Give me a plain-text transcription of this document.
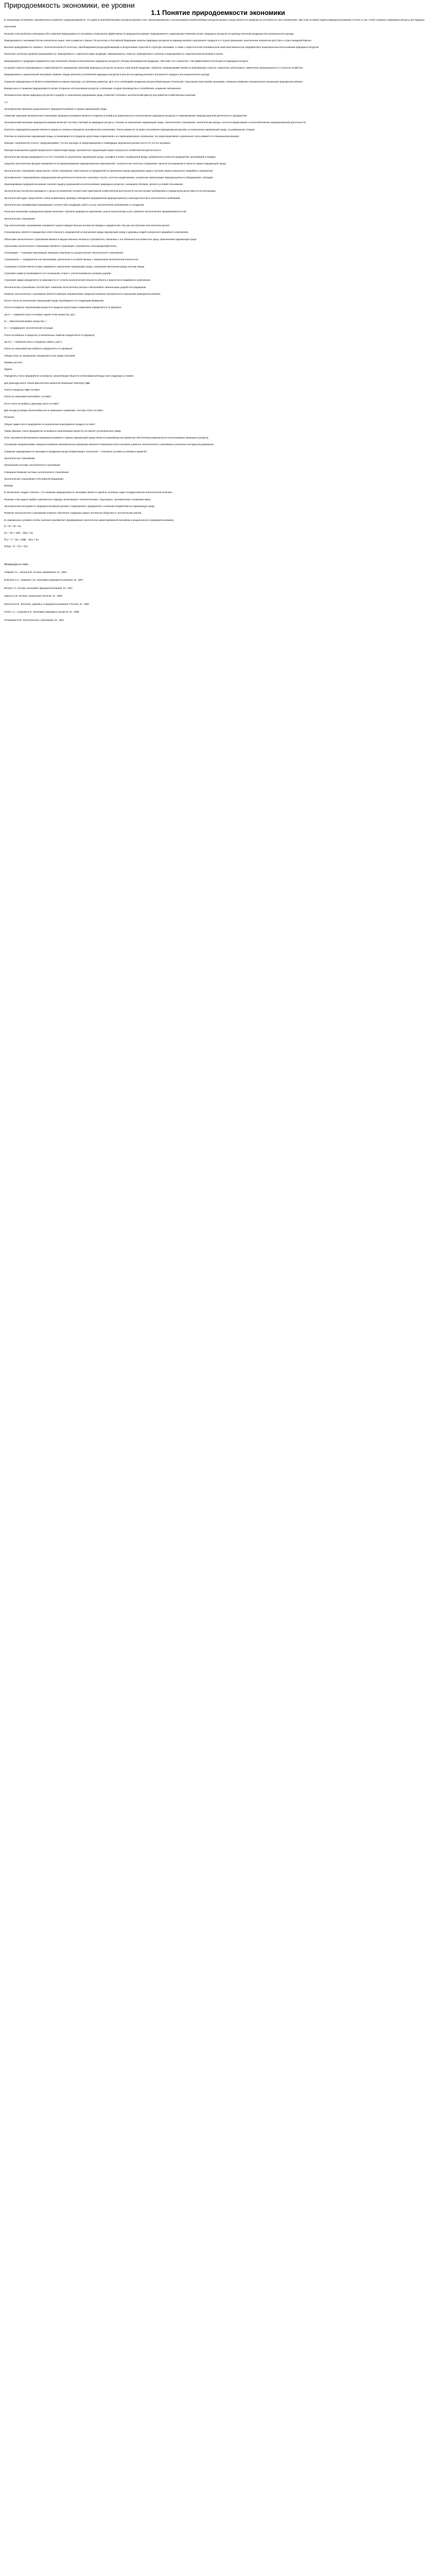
Природоемкость экономики, ее уровни
1.1 Понятие природоемкости экономики

В «Концепции устойчивого экономического развития» предусматривается, что добыча невозобновляемых ресурсов должна стать сбалансированной, а использование возобновляемых ресурсов должно осуществляться в пределах их способности к восстановлению. При этом основная задача природопользования состоит в том, чтобы сохранить природные ресурсы для будущих поколений.

Решение этой проблемы невозможно без снижения природоемкости экономики и повышения эффективности природопользования. Природоемкость характеризует величину затрат природных ресурсов на единицу конечной продукции или национального дохода.

Природоемкость экономики России значительно выше, чем в развитых странах. По расчетам, в Российской Федерации затраты природных ресурсов на единицу валового внутреннего продукта в 2–3 раза превышают аналогичные показатели для США и стран Западной Европы.

Высокая природоемкость связана с технологической отсталостью, преобладанием ресурсодобывающих и ресурсоемких отраслей в структуре экономики, а также с недостаточной экономической заинтересованностью предприятий в рациональном использовании природных ресурсов.

Различают несколько уровней природоемкости: природоемкость отдельного вида продукции, природоемкость отрасли, природоемкость региона и природоемкость национальной экономики в целом.

Природоемкость продукции определяется как отношение объема использованных природных ресурсов к объему произведенной продукции. Чем ниже этот показатель, тем эффективнее используются природные ресурсы.

На уровне отрасли природоемкость характеризуется суммарными затратами природных ресурсов на выпуск отраслевой продукции. Наиболее природоемкими являются добывающие отрасли, энергетика, металлургия, химическая промышленность и сельское хозяйство.

Природоемкость национальной экономики отражает общую величину потребления природных ресурсов в расчете на единицу валового внутреннего продукта или национального дохода.

Снижение природоемкости является важнейшим условием перехода к устойчивому развитию. Для этого необходимо внедрение ресурсосберегающих технологий, структурная перестройка экономики, совершенствование экономического механизма природопользования.

Важную роль в снижении природоемкости играет вторичное использование ресурсов, утилизация отходов производства и потребления, рециклинг материалов.

Экономическая оценка природных ресурсов и ущерба от загрязнения окружающей среды позволяет учитывать экологический фактор при принятии хозяйственных решений.

1.2

Экономические принципы рационального природопользования и охраны окружающей среды

Главными задачами экономического механизма природопользования являются создание условий для рационального использования природных ресурсов и стимулирование природоохранной деятельности предприятий.

Экономический механизм природопользования включает систему платежей за природные ресурсы, платежи за загрязнение окружающей среды, экологическое страхование, экологические фонды, льготное кредитование и налогообложение природоохранной деятельности.

Платность природопользования является одним из основных принципов экономического механизма. Плата взимается за право пользования природными ресурсами, за загрязнение окружающей среды, за размещение отходов.

Платежи за загрязнение окружающей среды устанавливаются в пределах допустимых нормативов и за сверхнормативное загрязнение. За сверхнормативное загрязнение плата взимается в повышенном размере.

Принцип «загрязнитель платит» предусматривает, что все расходы по предотвращению и ликвидации загрязнения должен нести тот, кто его вызывает.

Принцип возмещения ущерба предполагает компенсацию вреда, причиненного окружающей среде в результате хозяйственной деятельности.

Экологические фонды формируются за счет платежей за загрязнение окружающей среды, штрафов и исков о возмещении вреда, добровольных взносов предприятий, организаций и граждан.

Средства экологических фондов направляются на финансирование природоохранных мероприятий, строительство очистных сооружений, научные исследования в области охраны окружающей среды.

Экологическое страхование представляет собой страхование ответственности предприятий за причинение вреда окружающей среде и третьим лицам в результате аварийного загрязнения.

Экономическое стимулирование природоохранной деятельности включает налоговые льготы, льготное кредитование, ускоренную амортизацию природоохранного оборудования, субсидии.

Лицензирование природопользования означает выдачу разрешений на использование природных ресурсов с указанием объемов, сроков и условий пользования.

Экологическая экспертиза проводится с целью установления соответствия намечаемой хозяйственной деятельности экологическим требованиям и определения допустимости ее реализации.

Экологический аудит представляет собой независимую проверку соблюдения предприятием природоохранного законодательства и экологических требований.

Экологическая сертификация подтверждает соответствие продукции, работ и услуг экологическим требованиям и стандартам.

Рыночные механизмы природопользования включают торговлю правами на загрязнение, рынок экологических услуг, развитие экологического предпринимательства.

Экологическое страхование

Под экологическим страхованием понимается защита имущественных интересов граждан и юридических лиц при наступлении экологических рисков.

Страхованием, является гражданская ответственность предприятий за причинение вреда окружающей среде и здоровью людей в результате аварийного загрязнения.

Объектами экологического страхования являются имущественные интересы страхователя, связанные с его обязанностью возместить вред, причиненный окружающей среде.

Субъектами экологического страхования являются страховщик, страхователь и выгодоприобретатель.

Страховщик — страховая организация, имеющая лицензию на осуществление экологического страхования.

Страхователь — предприятие или организация, деятельность которой связана с повышенной экологической опасностью.

Страховым случаем является факт аварийного загрязнения окружающей среды, повлекший причинение вреда третьим лицам.

Страховая сумма устанавливается по соглашению сторон с учетом возможного размера ущерба.

Страховой тариф определяется в зависимости от степени экологической опасности объекта и вероятности аварийного загрязнения.

Экологическое страхование способствует снижению экологических рисков и обеспечивает компенсацию ущерба пострадавшим.

Развитие экологического страхования является важным направлением совершенствования экономического механизма природопользования.

Расчет платы за загрязнение окружающей среды производится по следующим формулам.

Плата за выбросы загрязняющих веществ в пределах допустимых нормативов определяется по формуле:

где Н — норматив платы за выброс одной тонны вещества, руб.;

М — фактический выброс вещества, т;

Кэ — коэффициент экологической ситуации.

Плата за выбросы в пределах установленных лимитов определяется по формуле:

где Нл — норматив платы в пределах лимита, руб./т.

Плата за сверхлимитные выбросы определяется по формуле:

Общая плата за загрязнение определяется как сумма платежей:

Пример расчета:

Задача

Определить плату предприятия за выбросы загрязняющих веществ в атмосферный воздух при следующих условиях.

Для диоксида азота: объем фактических выбросов превышает величину ПДВ.

Плата в пределах ПДВ составит:

Плата за сверхлимитный выброс составит:

Итого плата за выбросы диоксида азота составит:

Для оксида углерода объем выбросов не превышает нормативы, поэтому плата составит:

Решение

Общая сумма платы предприятия за загрязнение атмосферного воздуха составит:

Таким образом, плата предприятия за выбросы загрязняющих веществ составляет установленную сумму.

Итак, экономический механизм природопользования и охраны окружающей среды является важнейшим инструментом обеспечения рационального использования природных ресурсов.

Основными направлениями совершенствования экономического механизма являются повышение роли платежей, развитие экологического страхования и рыночных методов регулирования.

Снижение природоемкости экономики и внедрение ресурсосберегающих технологий — ключевые условия устойчивого развития.

Экологическое страхование

Организация системы экологического страхования

Совершенствование системы экологического страхования

Экологическое страхование в Российской Федерации

Выводы

В заключение следует отметить, что снижение природоемкости экономики является одной из основных задач государственной экологической политики.

Решение этой задачи требует комплексного подхода, включающего технологические, структурные, экономические и правовые меры.

Экономические инструменты природопользования должны стимулировать предприятия к снижению воздействия на окружающую среду.

Развитие экологического страхования позволит обеспечить надежную защиту интересов общества от экологических рисков.

В современных условиях особое значение приобретает формирование экологически ориентированной экономики и рационального природопользования.

П = Н × М × Кэ
Пл = Нл × (Мл − Мн) × Кэ
Псл = 5 × Нл × (Мф − Мл) × Кэ
Побщ = П + Пл + Псл
Литература по теме:

Акимова Т.А., Хаскин В.В. Основы экоразвития. М., 1994.

Бобылев С.Н., Ходжаев А.Ш. Экономика природопользования. М., 1997.

Моткин Г.А. Основы экономики природопользования. М., 1997.

Гирусов Э.В. Основы социальной экологии. М., 1998.

Протасов В.Ф. Экология, здоровье и природопользование в России. М., 1995.

Голуб А.А., Струкова Е.Б. Экономика природных ресурсов. М., 1998.

Потравный И.М. Экологическое страхование. М., 2001.
